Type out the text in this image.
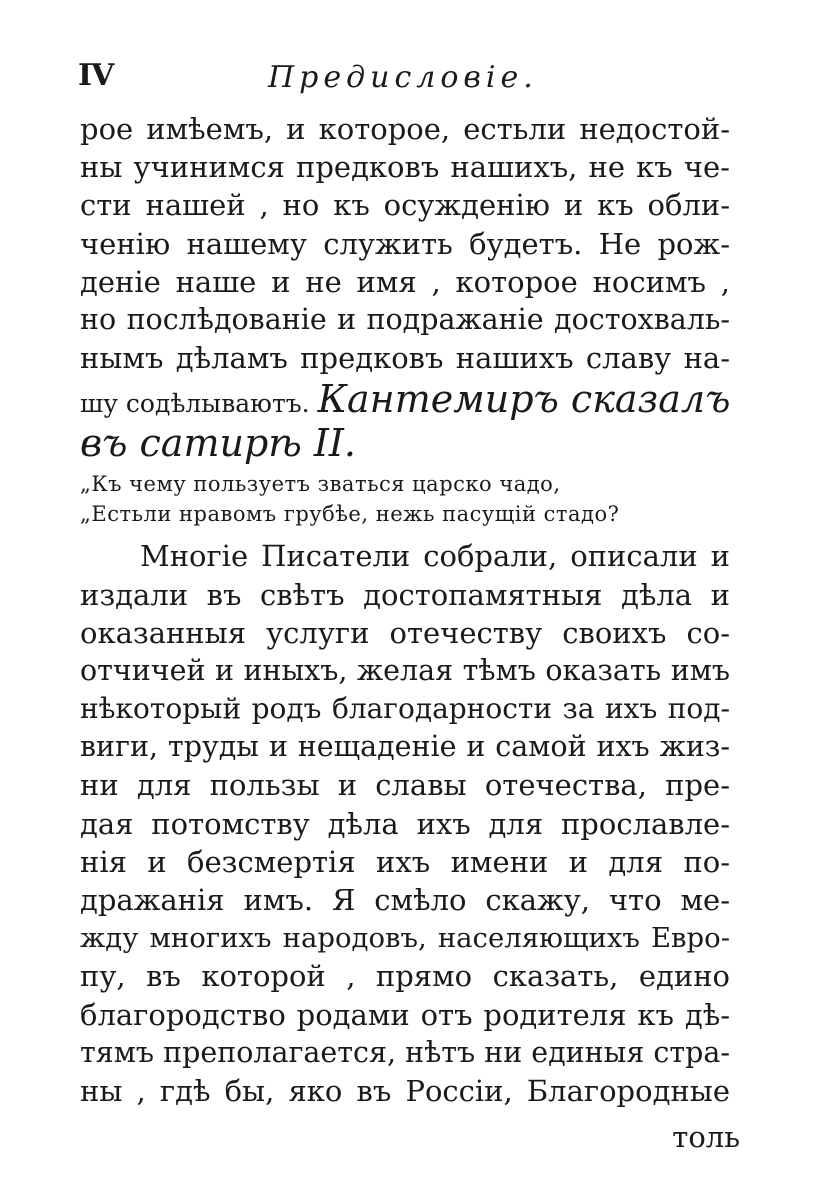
IV	Предисловіе.
рое имѣемъ, и которое, естьли недостой-
ны учинимся предковъ нашихъ, не къ че-
сти нашей , но къ осужденію и къ обли-
ченію нашему служить будетъ. Не рож-
деніе наше и не имя , которое носимъ ,
но послѣдованіе и подражаніе достохваль-
нымъ дѣламъ предковъ нашихъ славу на-
шу содѣлываютъ. Кантемиръ сказалъ
въ сатирѣ II.
„Къ чему пользуетъ зваться царско чадо,
„Естьли нравомъ грубѣе, нежь пасущій стадо?
Многіе Писатели собрали, описали и
издали въ свѣтъ достопамятныя дѣла и
оказанныя услуги отечеству своихъ со-
отчичей и иныхъ, желая тѣмъ оказать имъ
нѣкоторый родъ благодарности за ихъ под-
виги, труды и нещаденіе и самой ихъ жиз-
ни для пользы и славы отечества, пре-
дая потомству дѣла ихъ для прославле-
нія и безсмертія ихъ имени и для по-
дражанія имъ. Я смѣло скажу, что ме-
жду многихъ народовъ, населяющихъ Евро-
пу, въ которой , прямо сказать, едино
благородство родами отъ родителя къ дѣ-
тямъ преполагается, нѣтъ ни единыя стра-
ны , гдѣ бы, яко въ Россіи, Благородные
толь
